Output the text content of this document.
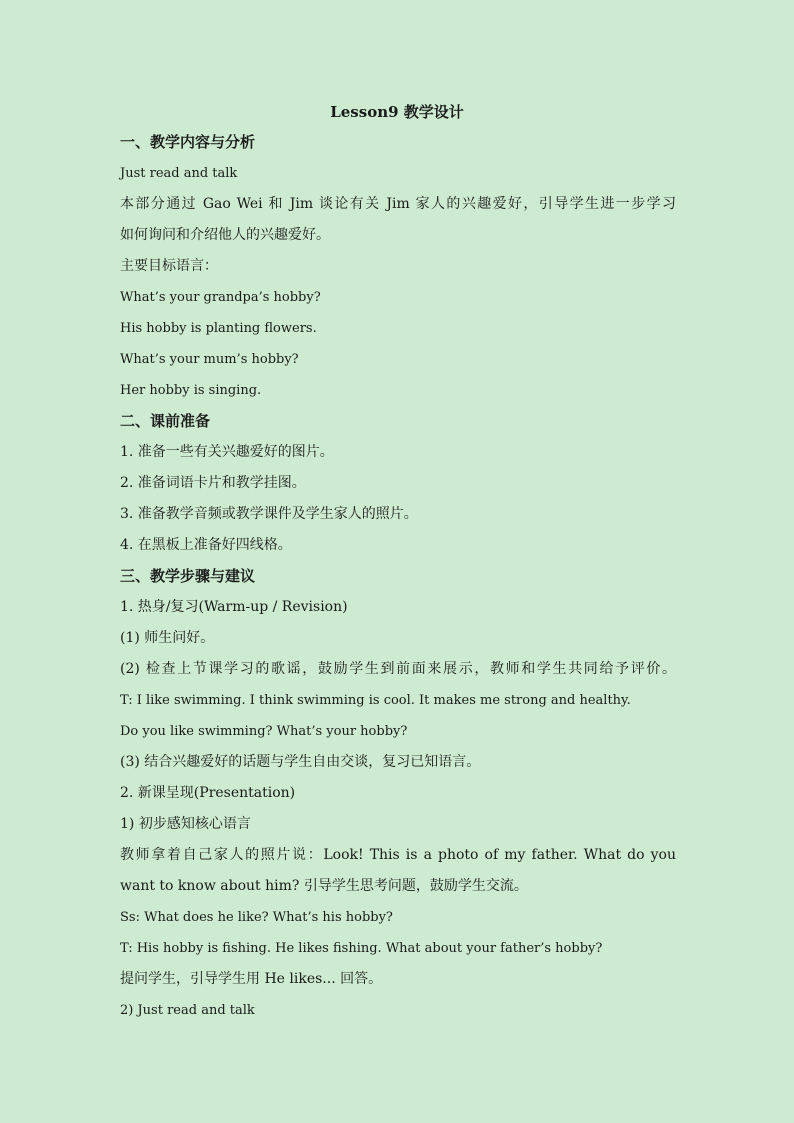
Lesson9 教学设计
一、教学内容与分析
Just read and talk
本部分通过 Gao Wei 和 Jim 谈论有关 Jim 家人的兴趣爱好，引导学生进一步学习
如何询问和介绍他人的兴趣爱好。
主要目标语言：
What’s your grandpa’s hobby?
His hobby is planting flowers.
What’s your mum’s hobby?
Her hobby is singing.
二、课前准备
1. 准备一些有关兴趣爱好的图片。
2. 准备词语卡片和教学挂图。
3. 准备教学音频或教学课件及学生家人的照片。
4. 在黑板上准备好四线格。
三、教学步骤与建议
1. 热身/复习(Warm-up / Revision)
(1) 师生问好。
(2) 检查上节课学习的歌谣，鼓励学生到前面来展示，教师和学生共同给予评价。
T: I like swimming. I think swimming is cool. It makes me strong and healthy.
Do you like swimming? What’s your hobby?
(3) 结合兴趣爱好的话题与学生自由交谈，复习已知语言。
2. 新课呈现(Presentation)
1) 初步感知核心语言
教师拿着自己家人的照片说：Look! This is a photo of my father. What do you
want to know about him? 引导学生思考问题，鼓励学生交流。
Ss: What does he like? What’s his hobby?
T: His hobby is fishing. He likes fishing. What about your father’s hobby?
提问学生，引导学生用 He likes... 回答。
2) Just read and talk
